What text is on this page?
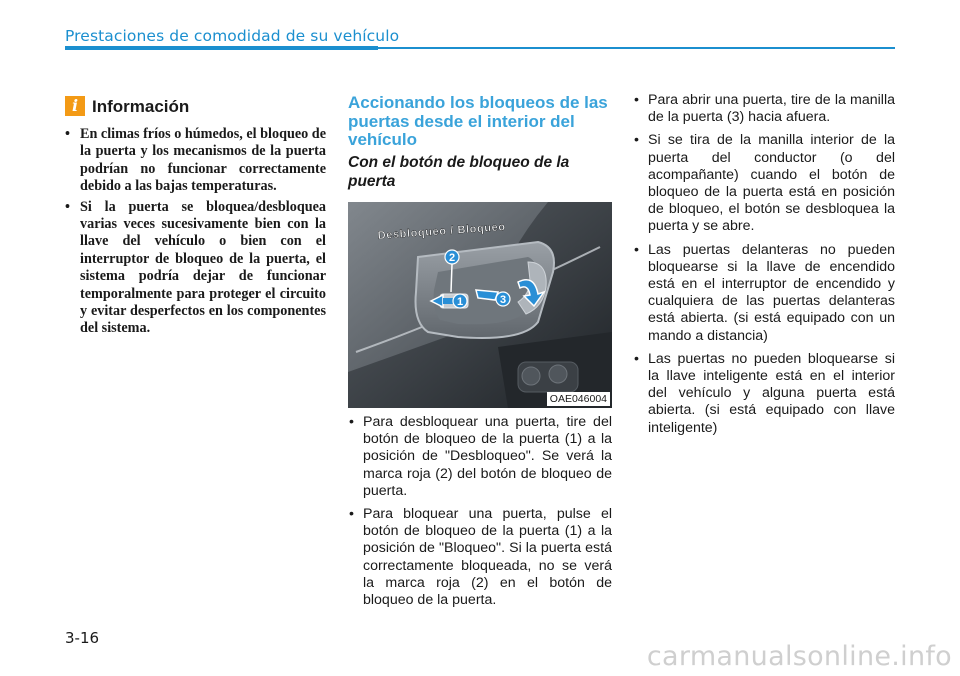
Prestaciones de comodidad de su vehículo
i Información
• En climas fríos o húmedos, el bloqueo de la puerta y los mecanismos de la puerta podrían no funcionar correctamente debido a las bajas temperaturas.
• Si la puerta se bloquea/desbloquea varias veces sucesivamente bien con la llave del vehículo o bien con el interruptor de bloqueo de la puerta, el sistema podría dejar de funcionar temporalmente para proteger el circuito y evitar desperfectos en los componentes del sistema.
Accionando los bloqueos de las puertas desde el interior del vehículo
Con el botón de bloqueo de la puerta
1
2
3
Desbloqueo / Bloqueo
OAE046004
• Para desbloquear una puerta, tire del botón de bloqueo de la puerta (1) a la posición de "Desbloqueo". Se verá la marca roja (2) del botón de bloqueo de puerta.
• Para bloquear una puerta, pulse el botón de bloqueo de la puerta (1) a la posición de "Bloqueo". Si la puerta está correctamente bloqueada, no se verá la marca roja (2) en el botón de bloqueo de la puerta.
• Para abrir una puerta, tire de la manilla de la puerta (3) hacia afuera.
• Si se tira de la manilla interior de la puerta del conductor (o del acompañante) cuando el botón de bloqueo de la puerta está en posición de bloqueo, el botón se desbloquea la puerta y se abre.
• Las puertas delanteras no pueden bloquearse si la llave de encendido está en el interruptor de encendido y cualquiera de las puertas delanteras está abierta. (si está equipado con un mando a distancia)
• Las puertas no pueden bloquearse si la llave inteligente está en el interior del vehículo y alguna puerta está abierta. (si está equipado con llave inteligente)
3-16
carmanualsonline.info
